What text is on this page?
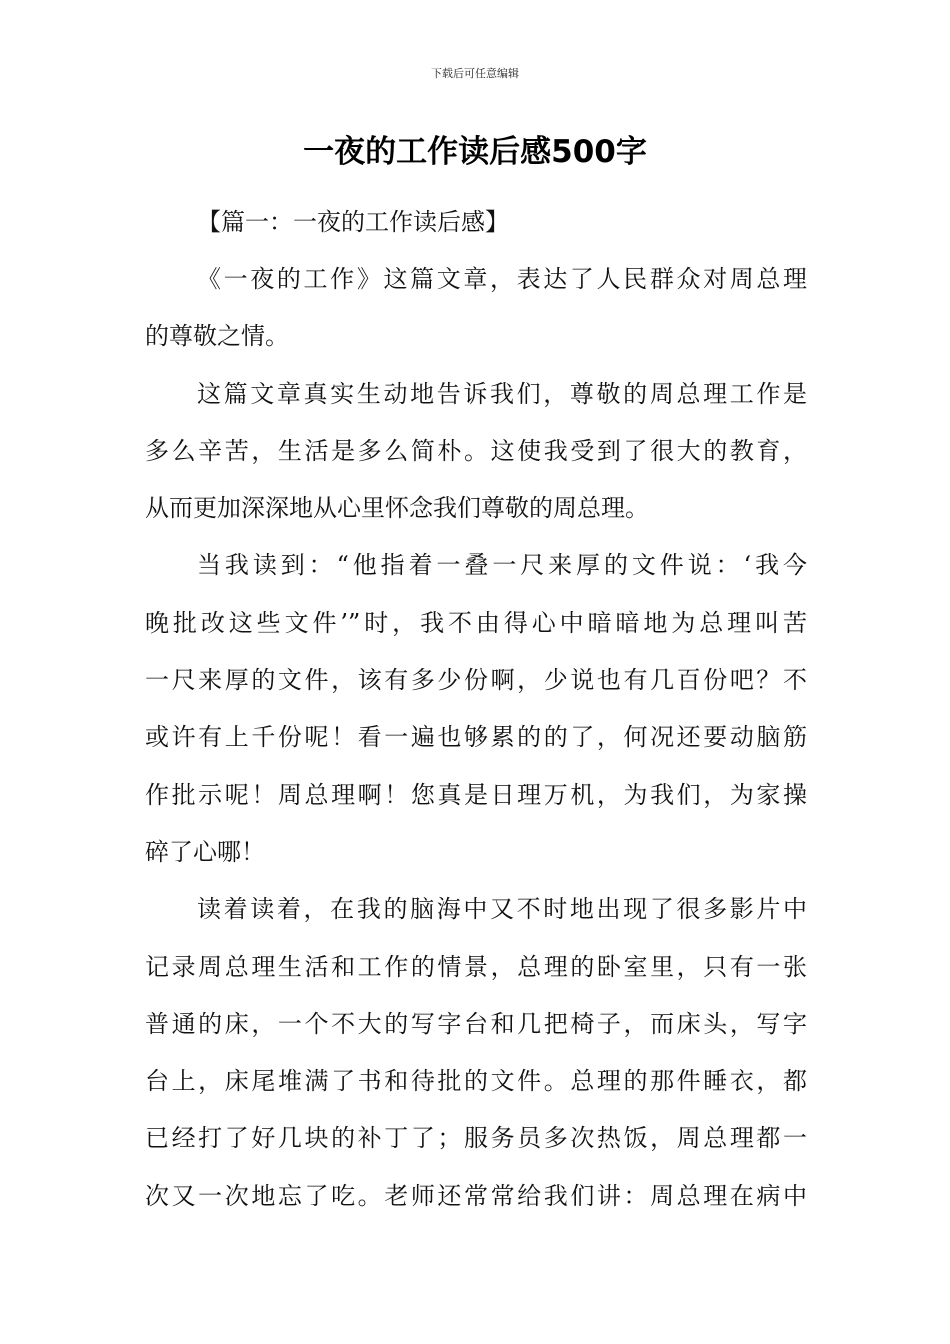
下载后可任意编辑
一夜的工作读后感500字
【篇一：一夜的工作读后感】
《一夜的工作》这篇文章，表达了人民群众对周总理
的尊敬之情。
这篇文章真实生动地告诉我们，尊敬的周总理工作是
多么辛苦，生活是多么简朴。这使我受到了很大的教育，
从而更加深深地从心里怀念我们尊敬的周总理。
当我读到：“他指着一叠一尺来厚的文件说：‘我今
晚批改这些文件’”时，我不由得心中暗暗地为总理叫苦
一尺来厚的文件，该有多少份啊，少说也有几百份吧？不
或许有上千份呢！看一遍也够累的的了，何况还要动脑筋
作批示呢！周总理啊！您真是日理万机，为我们，为家操
碎了心哪！
读着读着，在我的脑海中又不时地出现了很多影片中
记录周总理生活和工作的情景，总理的卧室里，只有一张
普通的床，一个不大的写字台和几把椅子，而床头，写字
台上，床尾堆满了书和待批的文件。总理的那件睡衣，都
已经打了好几块的补丁了；服务员多次热饭，周总理都一
次又一次地忘了吃。老师还常常给我们讲：周总理在病中
